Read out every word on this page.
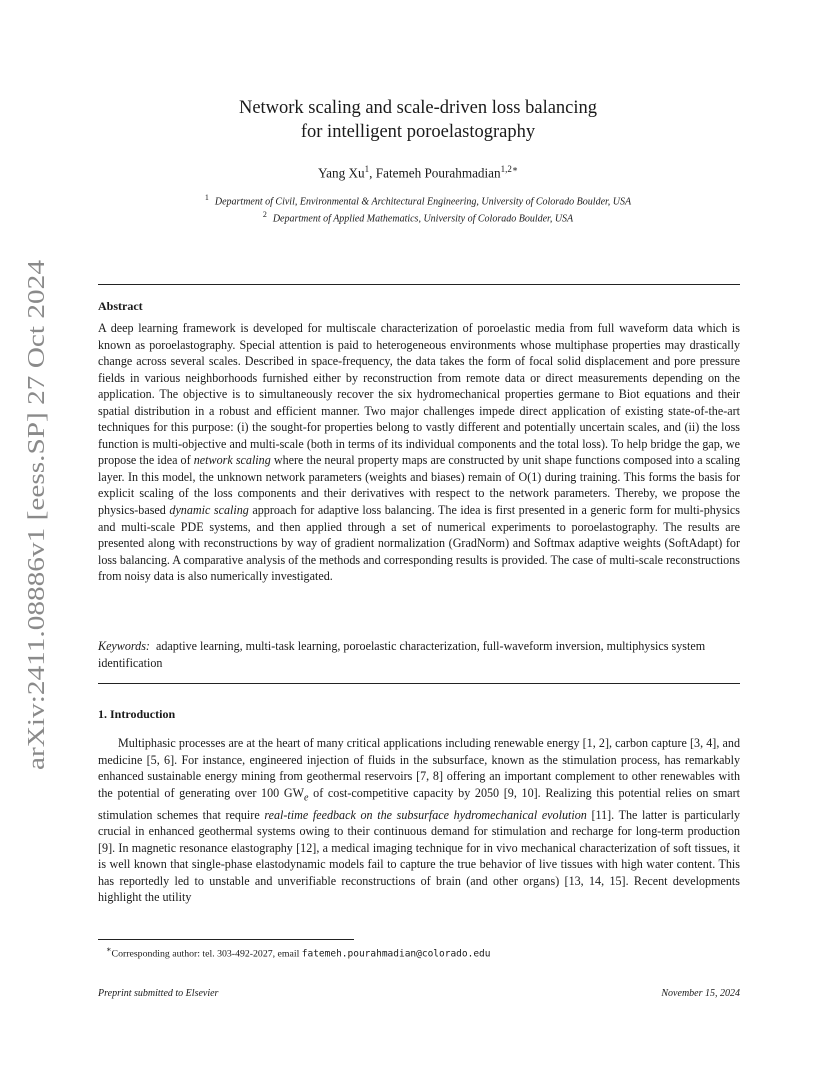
arXiv:2411.08886v1 [eess.SP] 27 Oct 2024
Network scaling and scale-driven loss balancing
for intelligent poroelastography
Yang Xu$^1$, Fatemeh Pourahmadian$^{1,2∗}$
$^1$ Department of Civil, Environmental & Architectural Engineering, University of Colorado Boulder, USA
$^2$ Department of Applied Mathematics, University of Colorado Boulder, USA
Abstract
A deep learning framework is developed for multiscale characterization of poroelastic media from full waveform data which is known as poroelastography. Special attention is paid to heterogeneous environments whose multiphase properties may drastically change across several scales. Described in space-frequency, the data takes the form of focal solid displacement and pore pressure fields in various neighborhoods furnished either by reconstruction from remote data or direct measurements depending on the application. The objective is to simultaneously recover the six hydromechanical properties germane to Biot equations and their spatial distribution in a robust and efficient manner. Two major challenges impede direct application of existing state-of-the-art techniques for this purpose: (i) the sought-for properties belong to vastly different and potentially uncertain scales, and (ii) the loss function is multi-objective and multi-scale (both in terms of its individual components and the total loss). To help bridge the gap, we propose the idea of network scaling where the neural property maps are constructed by unit shape functions composed into a scaling layer. In this model, the unknown network parameters (weights and biases) remain of O(1) during training. This forms the basis for explicit scaling of the loss components and their derivatives with respect to the network parameters. Thereby, we propose the physics-based dynamic scaling approach for adaptive loss balancing. The idea is first presented in a generic form for multi-physics and multi-scale PDE systems, and then applied through a set of numerical experiments to poroelastography. The results are presented along with reconstructions by way of gradient normalization (GradNorm) and Softmax adaptive weights (SoftAdapt) for loss balancing. A comparative analysis of the methods and corresponding results is provided. The case of multi-scale reconstructions from noisy data is also numerically investigated.
Keywords: adaptive learning, multi-task learning, poroelastic characterization, full-waveform inversion, multiphysics system identification
1. Introduction
Multiphasic processes are at the heart of many critical applications including renewable energy [1, 2], carbon capture [3, 4], and medicine [5, 6]. For instance, engineered injection of fluids in the subsurface, known as the stimulation process, has remarkably enhanced sustainable energy mining from geothermal reservoirs [7, 8] offering an important complement to other renewables with the potential of generating over 100 $GW_e$ of cost-competitive capacity by 2050 [9, 10]. Realizing this potential relies on smart stimulation schemes that require real-time feedback on the subsurface hydromechanical evolution [11]. The latter is particularly crucial in enhanced geothermal systems owing to their continuous demand for stimulation and recharge for long-term production [9]. In magnetic resonance elastography [12], a medical imaging technique for in vivo mechanical characterization of soft tissues, it is well known that single-phase elastodynamic models fail to capture the true behavior of live tissues with high water content. This has reportedly led to unstable and unverifiable reconstructions of brain (and other organs) [13, 14, 15]. Recent developments highlight the utility
∗Corresponding author: tel. 303-492-2027, email fatemeh.pourahmadian@colorado.edu
Preprint submitted to Elsevier	November 15, 2024
